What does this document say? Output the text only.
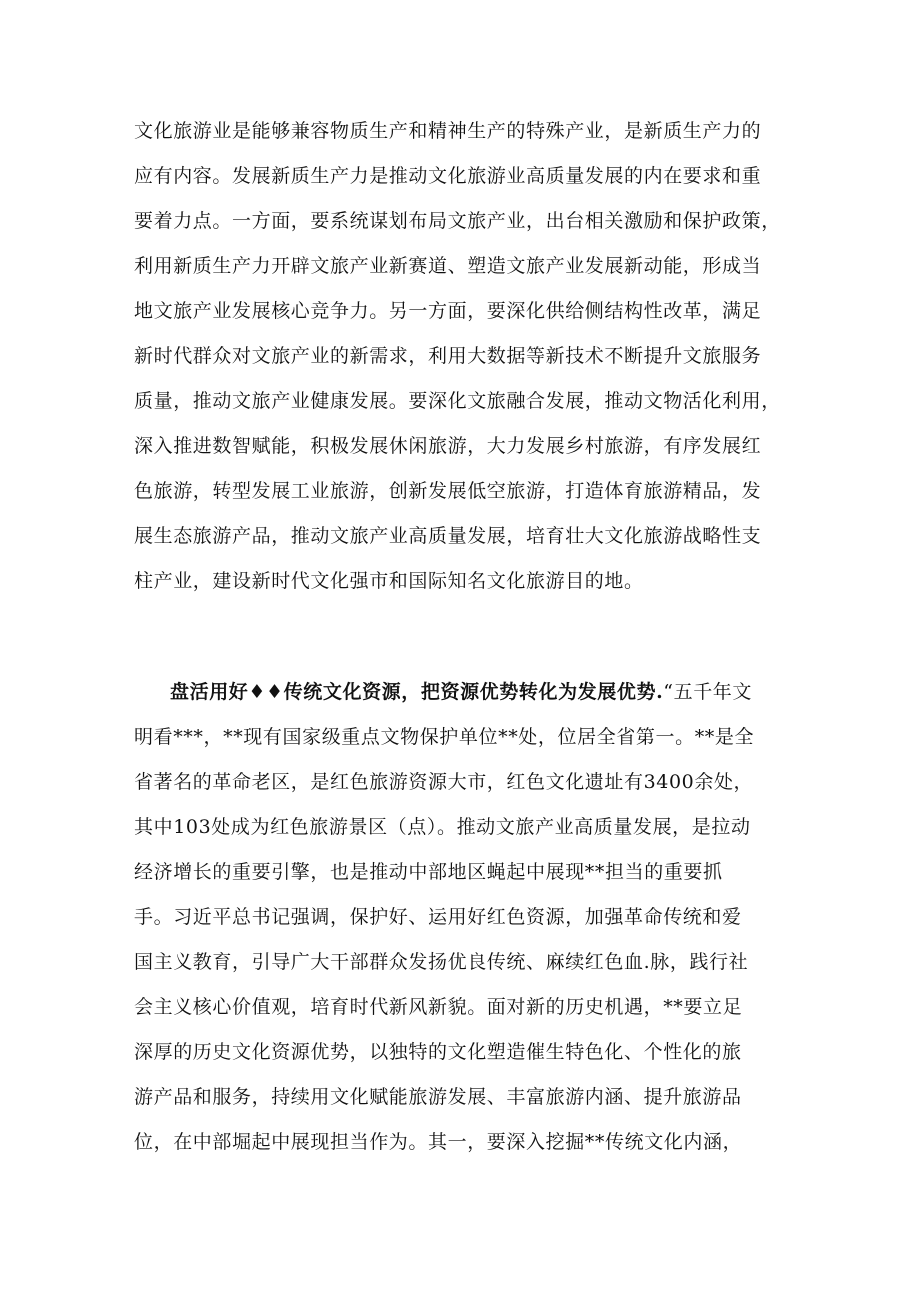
文化旅游业是能够兼容物质生产和精神生产的特殊产业，是新质生产力的
应有内容。发展新质生产力是推动文化旅游业高质量发展的内在要求和重
要着力点。一方面，要系统谋划布局文旅产业，出台相关激励和保护政策，
利用新质生产力开辟文旅产业新赛道、塑造文旅产业发展新动能，形成当
地文旅产业发展核心竞争力。另一方面，要深化供给侧结构性改革，满足
新时代群众对文旅产业的新需求，利用大数据等新技术不断提升文旅服务
质量，推动文旅产业健康发展。要深化文旅融合发展，推动文物活化利用，
深入推进数智赋能，积极发展休闲旅游，大力发展乡村旅游，有序发展红
色旅游，转型发展工业旅游，创新发展低空旅游，打造体育旅游精品，发
展生态旅游产品，推动文旅产业高质量发展，培育壮大文化旅游战略性支
柱产业，建设新时代文化强市和国际知名文化旅游目的地。
盘活用好♦♦传统文化资源，把资源优势转化为发展优势.“五千年文
明看***，**现有国家级重点文物保护单位**处，位居全省第一。**是全
省著名的革命老区，是红色旅游资源大市，红色文化遗址有3400余处，
其中103处成为红色旅游景区（点）。推动文旅产业高质量发展，是拉动
经济增长的重要引擎，也是推动中部地区蝇起中展现**担当的重要抓
手。习近平总书记强调，保护好、运用好红色资源，加强革命传统和爱
国主义教育，引导广大干部群众发扬优良传统、麻续红色血.脉，践行社
会主义核心价值观，培育时代新风新貌。面对新的历史机遇，**要立足
深厚的历史文化资源优势，以独特的文化塑造催生特色化、个性化的旅
游产品和服务，持续用文化赋能旅游发展、丰富旅游内涵、提升旅游品
位，在中部堀起中展现担当作为。其一，要深入挖掘**传统文化内涵，
